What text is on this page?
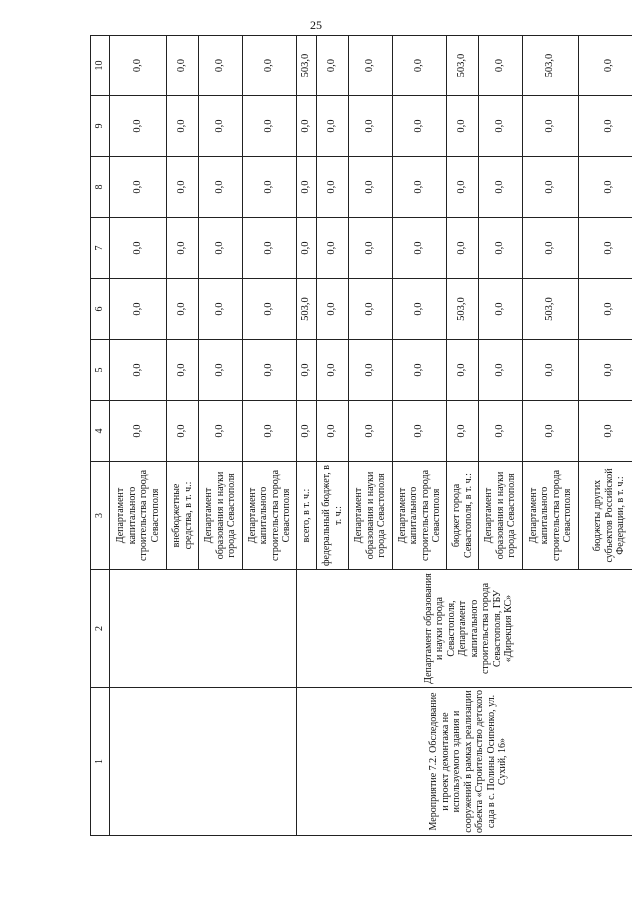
25
1	2	3	4	5	6	7	8	9	10
		Департамент капитального строительства города Севастополя	0,0	0,0	0,0	0,0	0,0	0,0	0,0
		внебюджетные средства, в т. ч.:	0,0	0,0	0,0	0,0	0,0	0,0	0,0
		Департамент образования и науки города Севастополя	0,0	0,0	0,0	0,0	0,0	0,0	0,0
		Департамент капитального строительства города Севастополя	0,0	0,0	0,0	0,0	0,0	0,0	0,0
Мероприятие 7.2. Обследование и проект демонтажа не используемого здания и сооружений в рамках реализации объекта «Строительство детского сада в с. Полины Осипенко, ул. Сухий, 16»	Департамент образования и науки города Севастополя, Департамент капитального строительства города Севастополя, ГБУ «Дирекция КС»	всего, в т. ч.:	0,0	0,0	503,0	0,0	0,0	0,0	503,0
		федеральный бюджет, в т. ч.:	0,0	0,0	0,0	0,0	0,0	0,0	0,0
		Департамент образования и науки города Севастополя	0,0	0,0	0,0	0,0	0,0	0,0	0,0
		Департамент капитального строительства города Севастополя	0,0	0,0	0,0	0,0	0,0	0,0	0,0
		бюджет города Севастополя, в т. ч.:	0,0	0,0	503,0	0,0	0,0	0,0	503,0
		Департамент образования и науки города Севастополя	0,0	0,0	0,0	0,0	0,0	0,0	0,0
		Департамент капитального строительства города Севастополя	0,0	0,0	503,0	0,0	0,0	0,0	503,0
		бюджеты других субъектов Российской Федерации, в т. ч.:	0,0	0,0	0,0	0,0	0,0	0,0	0,0
